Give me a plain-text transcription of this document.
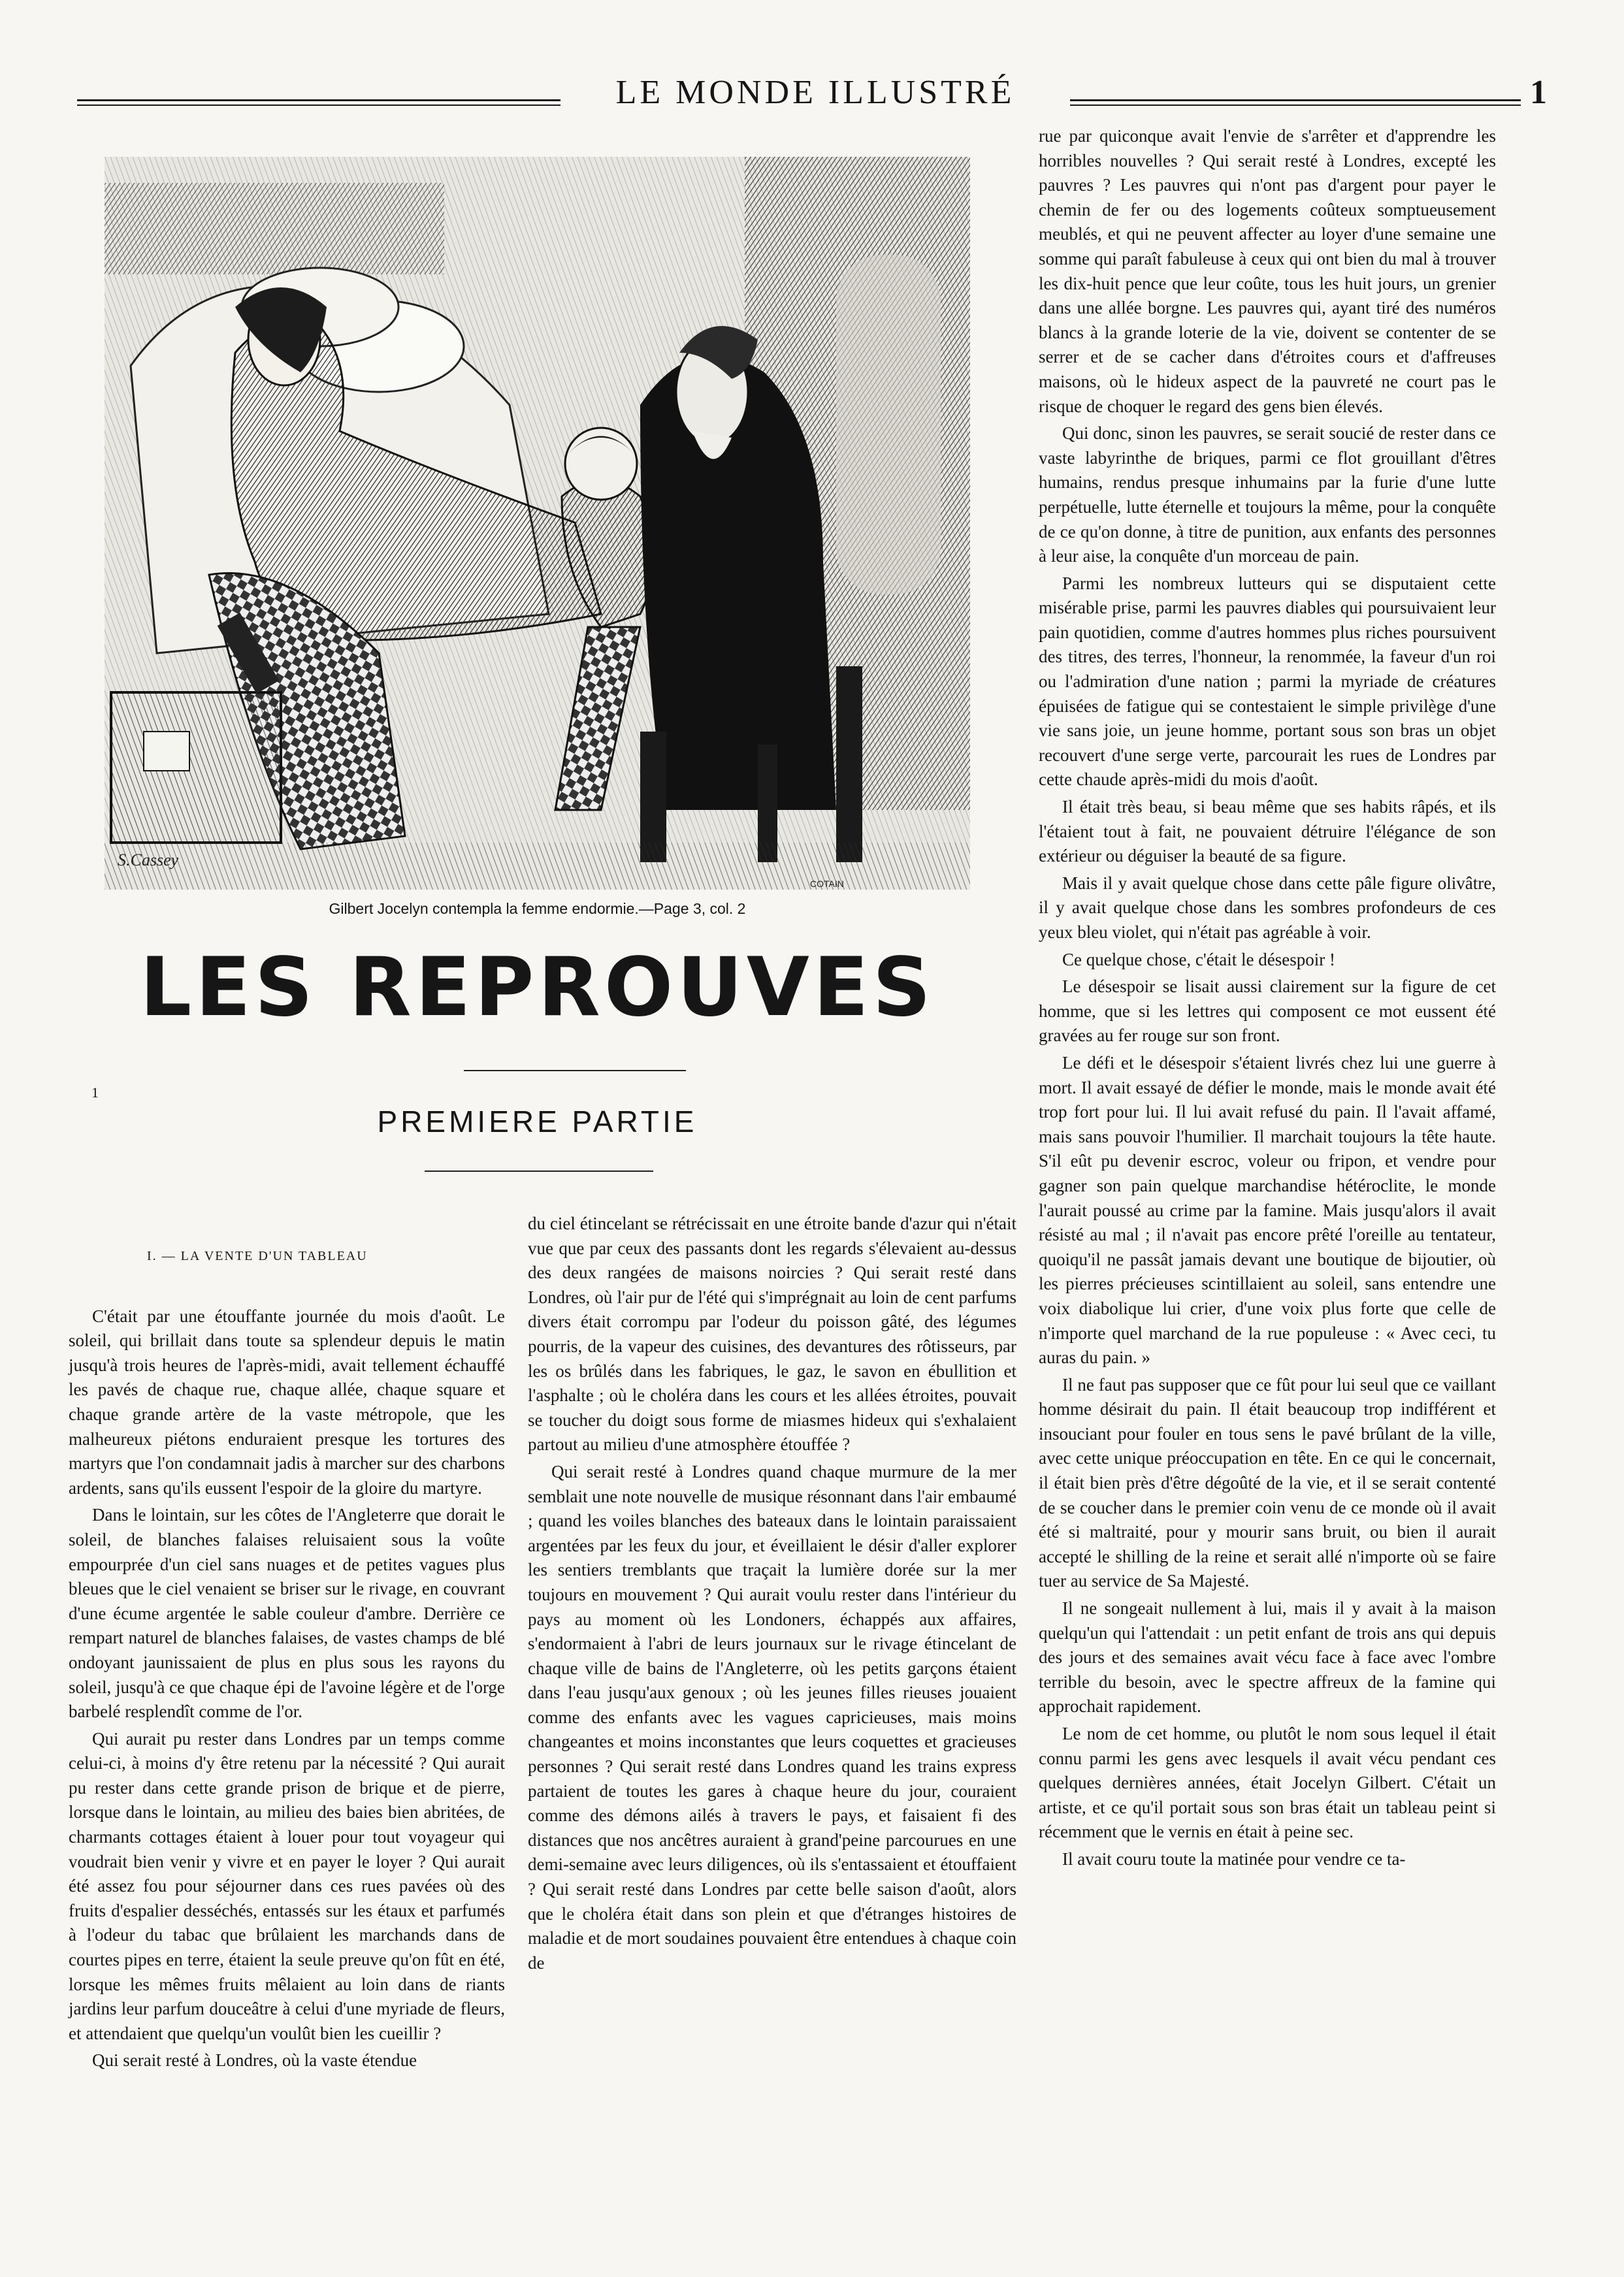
LE MONDE ILLUSTRÉ	1
S.Cassey
COTAIN
Gilbert Jocelyn contempla la femme endormie.—Page 3, col. 2
LES REPROUVES
1
PREMIERE PARTIE

I. — LA VENTE D'UN TABLEAU

C'était par une étouffante journée du mois d'août. Le soleil, qui brillait dans toute sa splendeur depuis le matin jusqu'à trois heures de l'après-midi, avait tellement échauffé les pavés de chaque rue, chaque allée, chaque square et chaque grande artère de la vaste métropole, que les malheureux piétons enduraient presque les tortures des martyrs que l'on condamnait jadis à marcher sur des charbons ardents, sans qu'ils eussent l'espoir de la gloire du martyre.

Dans le lointain, sur les côtes de l'Angleterre que dorait le soleil, de blanches falaises reluisaient sous la voûte empourprée d'un ciel sans nuages et de petites vagues plus bleues que le ciel venaient se briser sur le rivage, en couvrant d'une écume argentée le sable couleur d'ambre. Derrière ce rempart naturel de blanches falaises, de vastes champs de blé ondoyant jaunissaient de plus en plus sous les rayons du soleil, jusqu'à ce que chaque épi de l'avoine légère et de l'orge barbelé resplendît comme de l'or.

Qui aurait pu rester dans Londres par un temps comme celui-ci, à moins d'y être retenu par la nécessité ? Qui aurait pu rester dans cette grande prison de brique et de pierre, lorsque dans le lointain, au milieu des baies bien abritées, de charmants cottages étaient à louer pour tout voyageur qui voudrait bien venir y vivre et en payer le loyer ? Qui aurait été assez fou pour séjourner dans ces rues pavées où des fruits d'espalier desséchés, entassés sur les étaux et parfumés à l'odeur du tabac que brûlaient les marchands dans de courtes pipes en terre, étaient la seule preuve qu'on fût en été, lorsque les mêmes fruits mêlaient au loin dans de riants jardins leur parfum douceâtre à celui d'une myriade de fleurs, et attendaient que quelqu'un voulût bien les cueillir ?

Qui serait resté à Londres, où la vaste étendue

du ciel étincelant se rétrécissait en une étroite bande d'azur qui n'était vue que par ceux des passants dont les regards s'élevaient au-dessus des deux rangées de maisons noircies ? Qui serait resté dans Londres, où l'air pur de l'été qui s'imprégnait au loin de cent parfums divers était corrompu par l'odeur du poisson gâté, des légumes pourris, de la vapeur des cuisines, des devantures des rôtisseurs, par les os brûlés dans les fabriques, le gaz, le savon en ébullition et l'asphalte ; où le choléra dans les cours et les allées étroites, pouvait se toucher du doigt sous forme de miasmes hideux qui s'exhalaient partout au milieu d'une atmosphère étouffée ?

Qui serait resté à Londres quand chaque murmure de la mer semblait une note nouvelle de musique résonnant dans l'air embaumé ; quand les voiles blanches des bateaux dans le lointain paraissaient argentées par les feux du jour, et éveillaient le désir d'aller explorer les sentiers tremblants que traçait la lumière dorée sur la mer toujours en mouvement ? Qui aurait voulu rester dans l'intérieur du pays au moment où les Londoners, échappés aux affaires, s'endormaient à l'abri de leurs journaux sur le rivage étincelant de chaque ville de bains de l'Angleterre, où les petits garçons étaient dans l'eau jusqu'aux genoux ; où les jeunes filles rieuses jouaient comme des enfants avec les vagues capricieuses, mais moins changeantes et moins inconstantes que leurs coquettes et gracieuses personnes ? Qui serait resté dans Londres quand les trains express partaient de toutes les gares à chaque heure du jour, couraient comme des démons ailés à travers le pays, et faisaient fi des distances que nos ancêtres auraient à grand'peine parcourues en une demi-semaine avec leurs diligences, où ils s'entassaient et étouffaient ? Qui serait resté dans Londres par cette belle saison d'août, alors que le choléra était dans son plein et que d'étranges histoires de maladie et de mort soudaines pouvaient être entendues à chaque coin de

rue par quiconque avait l'envie de s'arrêter et d'apprendre les horribles nouvelles ? Qui serait resté à Londres, excepté les pauvres ? Les pauvres qui n'ont pas d'argent pour payer le chemin de fer ou des logements coûteux somptueusement meublés, et qui ne peuvent affecter au loyer d'une semaine une somme qui paraît fabuleuse à ceux qui ont bien du mal à trouver les dix-huit pence que leur coûte, tous les huit jours, un grenier dans une allée borgne. Les pauvres qui, ayant tiré des numéros blancs à la grande loterie de la vie, doivent se contenter de se serrer et de se cacher dans d'étroites cours et d'affreuses maisons, où le hideux aspect de la pauvreté ne court pas le risque de choquer le regard des gens bien élevés.

Qui donc, sinon les pauvres, se serait soucié de rester dans ce vaste labyrinthe de briques, parmi ce flot grouillant d'êtres humains, rendus presque inhumains par la furie d'une lutte perpétuelle, lutte éternelle et toujours la même, pour la conquête de ce qu'on donne, à titre de punition, aux enfants des personnes à leur aise, la conquête d'un morceau de pain.

Parmi les nombreux lutteurs qui se disputaient cette misérable prise, parmi les pauvres diables qui poursuivaient leur pain quotidien, comme d'autres hommes plus riches poursuivent des titres, des terres, l'honneur, la renommée, la faveur d'un roi ou l'admiration d'une nation ; parmi la myriade de créatures épuisées de fatigue qui se contestaient le simple privilège d'une vie sans joie, un jeune homme, portant sous son bras un objet recouvert d'une serge verte, parcourait les rues de Londres par cette chaude après-midi du mois d'août.

Il était très beau, si beau même que ses habits râpés, et ils l'étaient tout à fait, ne pouvaient détruire l'élégance de son extérieur ou déguiser la beauté de sa figure.

Mais il y avait quelque chose dans cette pâle figure olivâtre, il y avait quelque chose dans les sombres profondeurs de ces yeux bleu violet, qui n'était pas agréable à voir.

Ce quelque chose, c'était le désespoir !

Le désespoir se lisait aussi clairement sur la figure de cet homme, que si les lettres qui composent ce mot eussent été gravées au fer rouge sur son front.

Le défi et le désespoir s'étaient livrés chez lui une guerre à mort. Il avait essayé de défier le monde, mais le monde avait été trop fort pour lui. Il lui avait refusé du pain. Il l'avait affamé, mais sans pouvoir l'humilier. Il marchait toujours la tête haute. S'il eût pu devenir escroc, voleur ou fripon, et vendre pour gagner son pain quelque marchandise hétéroclite, le monde l'aurait poussé au crime par la famine. Mais jusqu'alors il avait résisté au mal ; il n'avait pas encore prêté l'oreille au tentateur, quoiqu'il ne passât jamais devant une boutique de bijoutier, où les pierres précieuses scintillaient au soleil, sans entendre une voix diabolique lui crier, d'une voix plus forte que celle de n'importe quel marchand de la rue populeuse : « Avec ceci, tu auras du pain. »

Il ne faut pas supposer que ce fût pour lui seul que ce vaillant homme désirait du pain. Il était beaucoup trop indifférent et insouciant pour fouler en tous sens le pavé brûlant de la ville, avec cette unique préoccupation en tête. En ce qui le concernait, il était bien près d'être dégoûté de la vie, et il se serait contenté de se coucher dans le premier coin venu de ce monde où il avait été si maltraité, pour y mourir sans bruit, ou bien il aurait accepté le shilling de la reine et serait allé n'importe où se faire tuer au service de Sa Majesté.

Il ne songeait nullement à lui, mais il y avait à la maison quelqu'un qui l'attendait : un petit enfant de trois ans qui depuis des jours et des semaines avait vécu face à face avec l'ombre terrible du besoin, avec le spectre affreux de la famine qui approchait rapidement.

Le nom de cet homme, ou plutôt le nom sous lequel il était connu parmi les gens avec lesquels il avait vécu pendant ces quelques dernières années, était Jocelyn Gilbert. C'était un artiste, et ce qu'il portait sous son bras était un tableau peint si récemment que le vernis en était à peine sec.

Il avait couru toute la matinée pour vendre ce ta-
